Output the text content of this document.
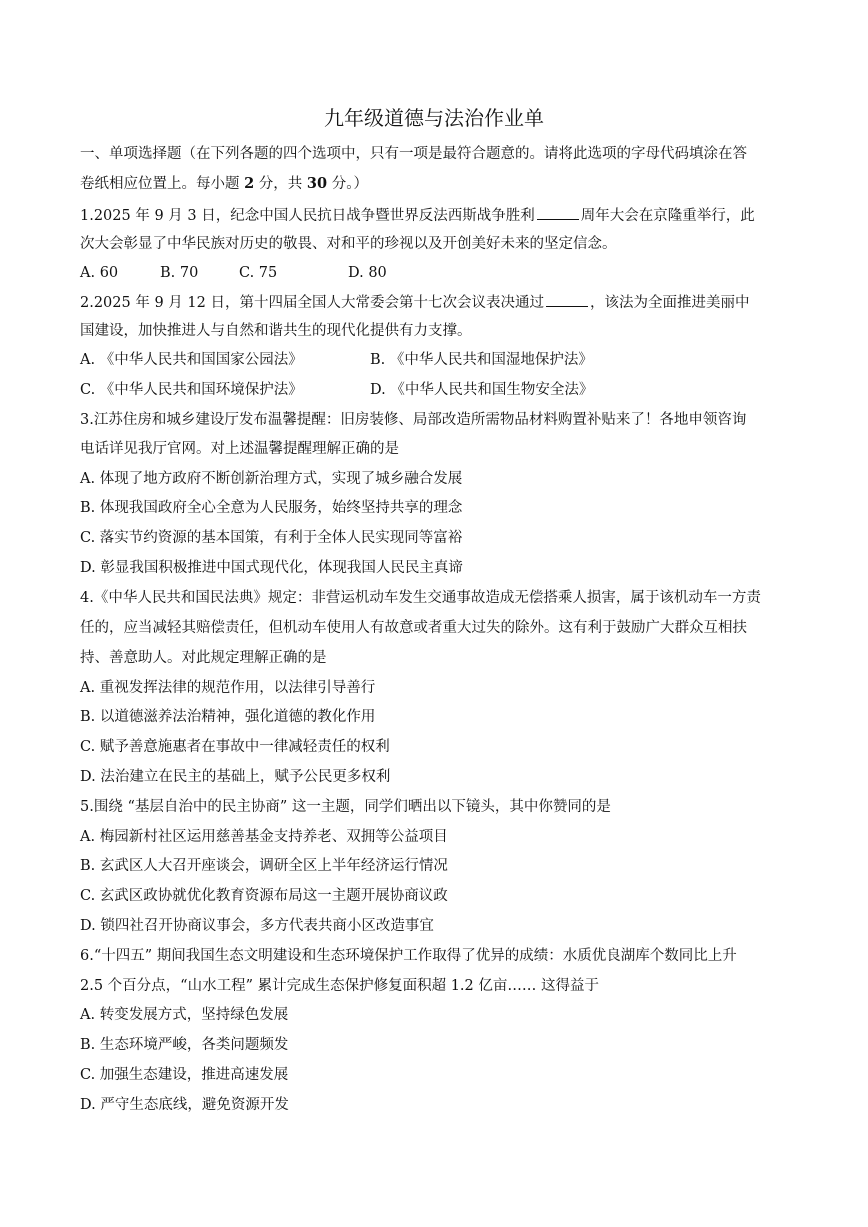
九年级道德与法治作业单
一、单项选择题（在下列各题的四个选项中，只有一项是最符合题意的。请将此选项的字母代码填涂在答
卷纸相应位置上。每小题 2 分，共 30 分。）
1.2025 年 9 月 3 日，纪念中国人民抗日战争暨世界反法西斯战争胜利	周年大会在京隆重举行，此
次大会彰显了中华民族对历史的敬畏、对和平的珍视以及开创美好未来的坚定信念。
A. 60	B. 70	C. 75	D. 80
2.2025 年 9 月 12 日，第十四届全国人大常委会第十七次会议表决通过	，该法为全面推进美丽中
国建设，加快推进人与自然和谐共生的现代化提供有力支撑。
A. 《中华人民共和国国家公园法》	B. 《中华人民共和国湿地保护法》
C. 《中华人民共和国环境保护法》	D. 《中华人民共和国生物安全法》
3.江苏住房和城乡建设厅发布温馨提醒：旧房装修、局部改造所需物品材料购置补贴来了！各地申领咨询
电话详见我厅官网。对上述温馨提醒理解正确的是
A. 体现了地方政府不断创新治理方式，实现了城乡融合发展
B. 体现我国政府全心全意为人民服务，始终坚持共享的理念
C. 落实节约资源的基本国策，有利于全体人民实现同等富裕
D. 彰显我国积极推进中国式现代化，体现我国人民民主真谛
4.《中华人民共和国民法典》规定：非营运机动车发生交通事故造成无偿搭乘人损害，属于该机动车一方责
任的，应当减轻其赔偿责任，但机动车使用人有故意或者重大过失的除外。这有利于鼓励广大群众互相扶
持、善意助人。对此规定理解正确的是
A. 重视发挥法律的规范作用，以法律引导善行
B. 以道德滋养法治精神，强化道德的教化作用
C. 赋予善意施惠者在事故中一律减轻责任的权利
D. 法治建立在民主的基础上，赋予公民更多权利
5.围绕 “基层自治中的民主协商” 这一主题，同学们晒出以下镜头，其中你赞同的是
A. 梅园新村社区运用慈善基金支持养老、双拥等公益项目
B. 玄武区人大召开座谈会，调研全区上半年经济运行情况
C. 玄武区政协就优化教育资源布局这一主题开展协商议政
D. 锁四社召开协商议事会，多方代表共商小区改造事宜
6.“十四五” 期间我国生态文明建设和生态环境保护工作取得了优异的成绩：水质优良湖库个数同比上升
2.5 个百分点，“山水工程” 累计完成生态保护修复面积超 1.2 亿亩…… 这得益于
A. 转变发展方式，坚持绿色发展
B. 生态环境严峻，各类问题频发
C. 加强生态建设，推进高速发展
D. 严守生态底线，避免资源开发
